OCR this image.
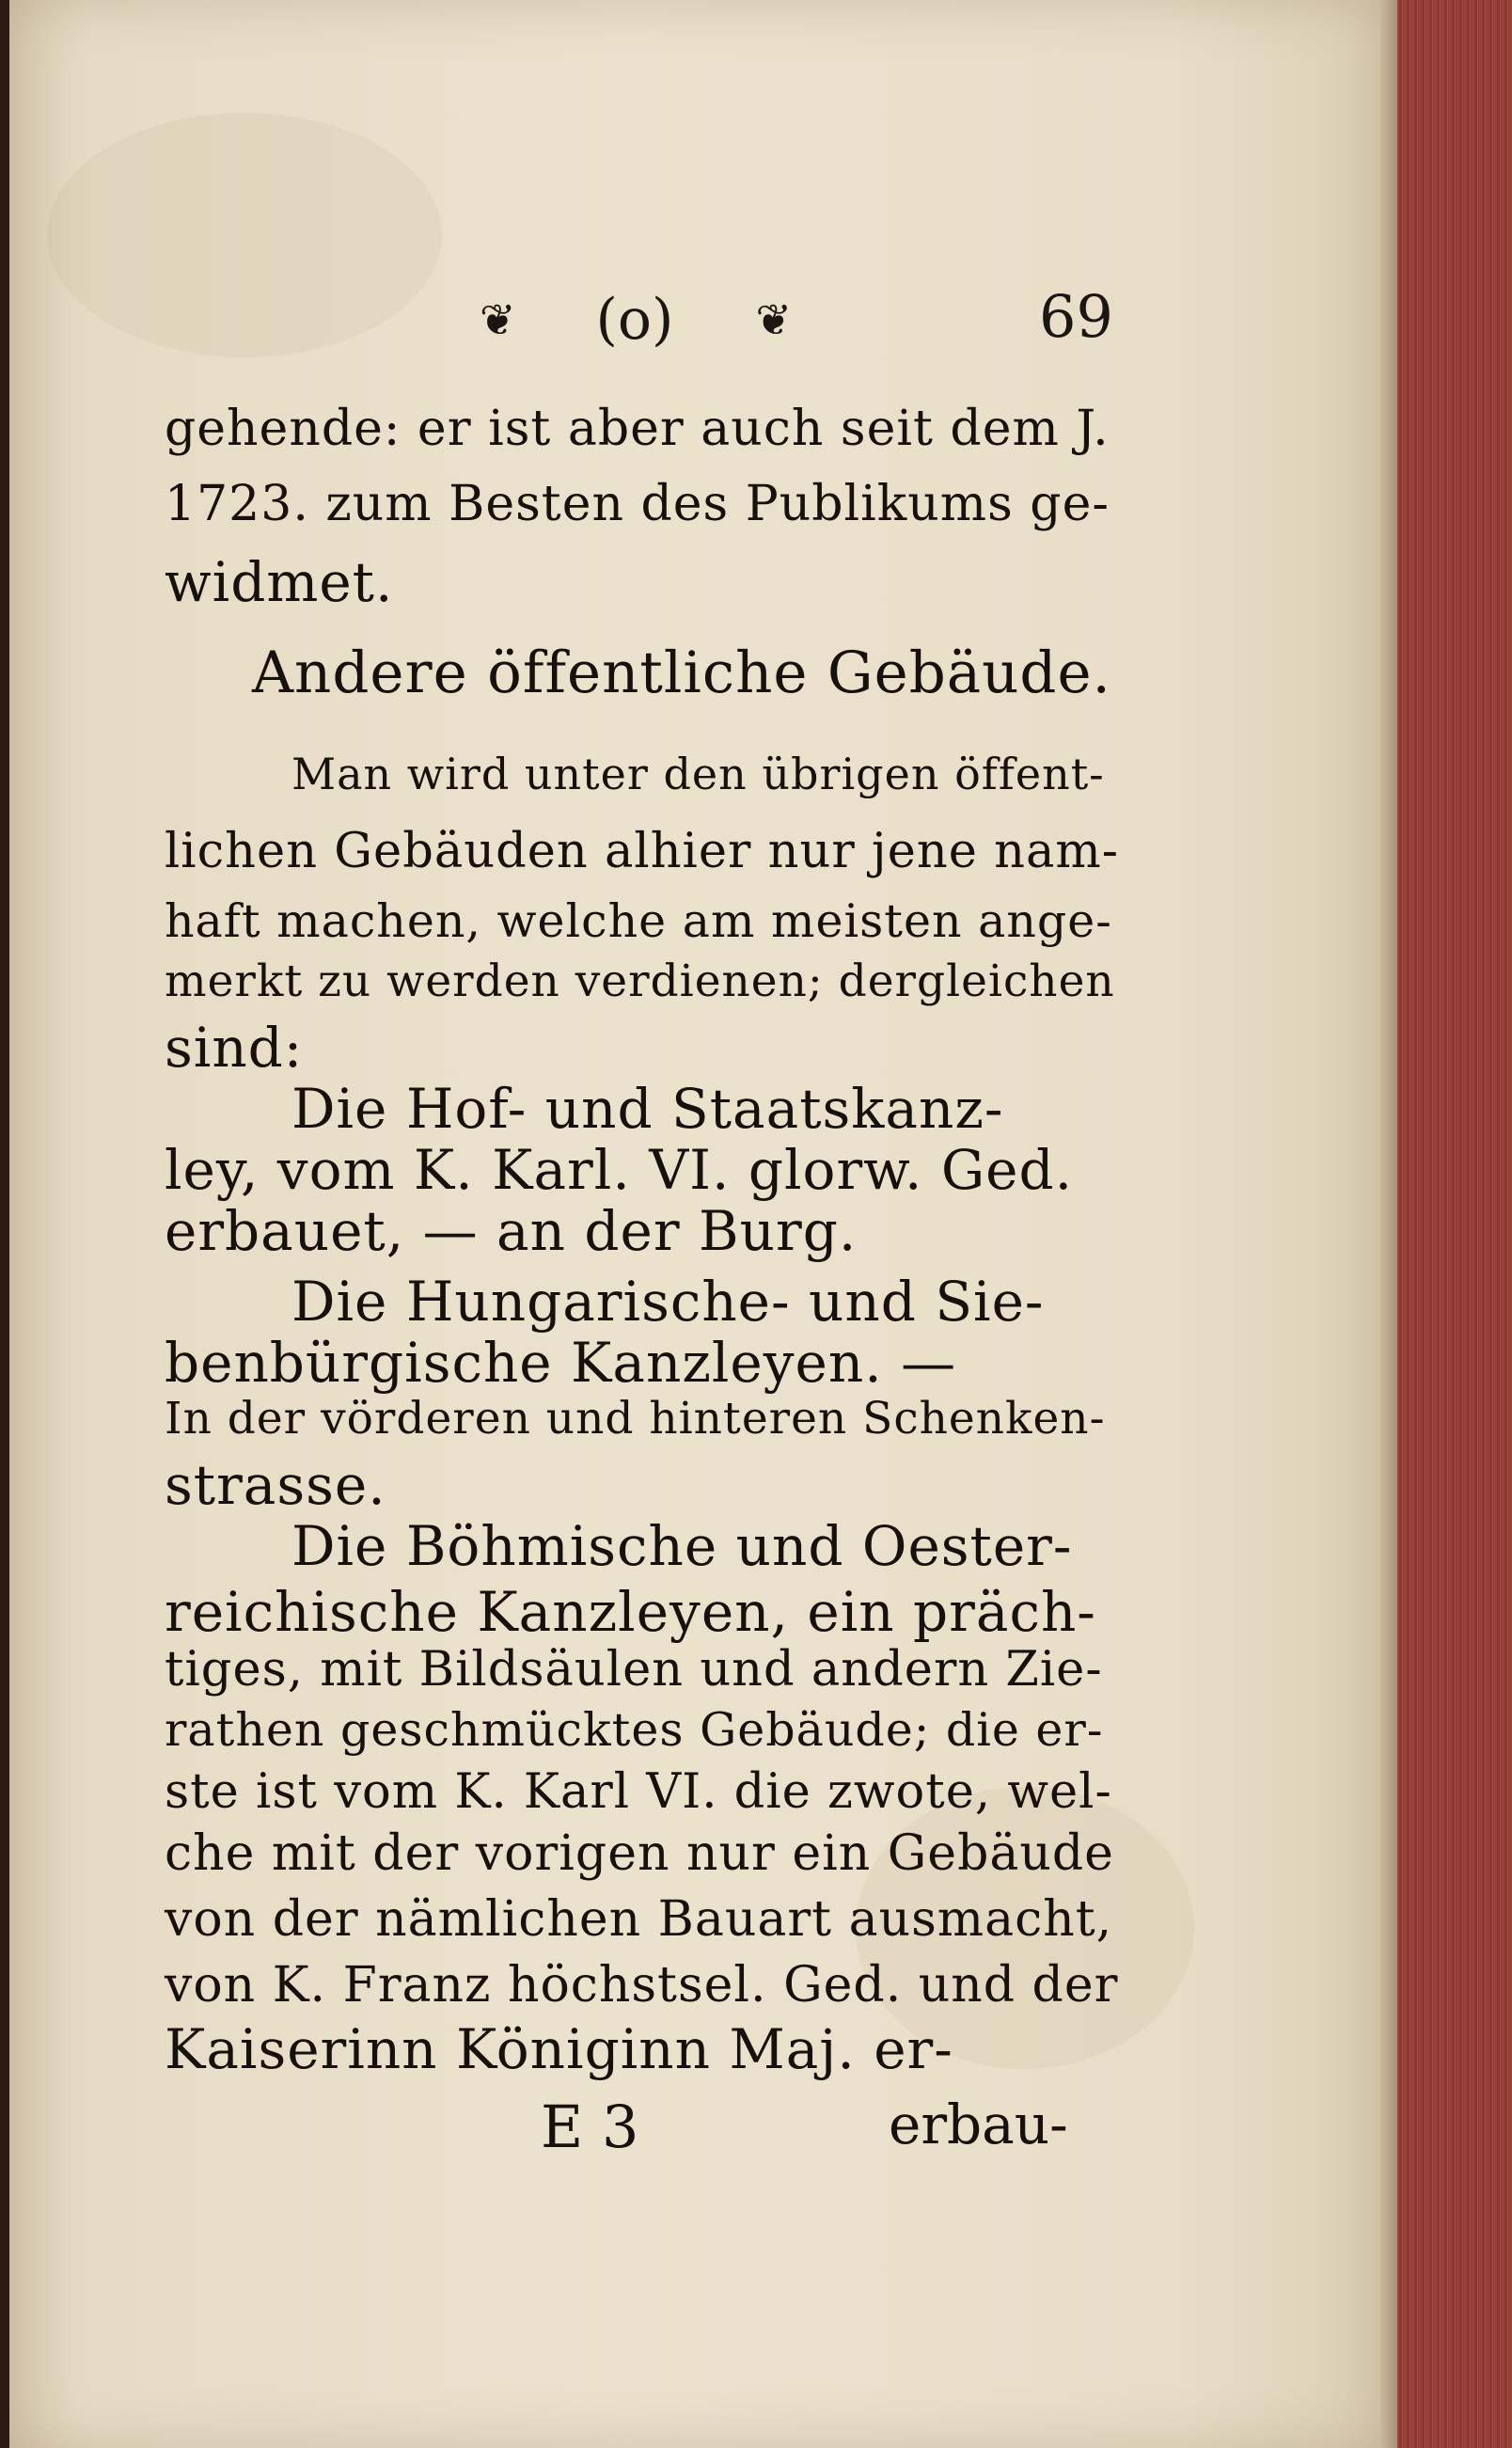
❦ (o) ❦	69
gehende: er ist aber auch seit dem J.
1723. zum Besten des Publikums ge-
widmet.
Andere öffentliche Gebäude.
Man wird unter den übrigen öffent-
lichen Gebäuden alhier nur jene nam-
haft machen, welche am meisten ange-
merkt zu werden verdienen; dergleichen
sind:
Die Hof- und Staatskanz-
ley, vom K. Karl. VI. glorw. Ged.
erbauet, — an der Burg.
Die Hungarische- und Sie-
benbürgische Kanzleyen. —
In der vörderen und hinteren Schenken-
strasse.
Die Böhmische und Oester-
reichische Kanzleyen, ein präch-
tiges, mit Bildsäulen und andern Zie-
rathen geschmücktes Gebäude; die er-
ste ist vom K. Karl VI. die zwote, wel-
che mit der vorigen nur ein Gebäude
von der nämlichen Bauart ausmacht,
von K. Franz höchstsel. Ged. und der
Kaiserinn Königinn Maj. er-
E 3	erbau-
